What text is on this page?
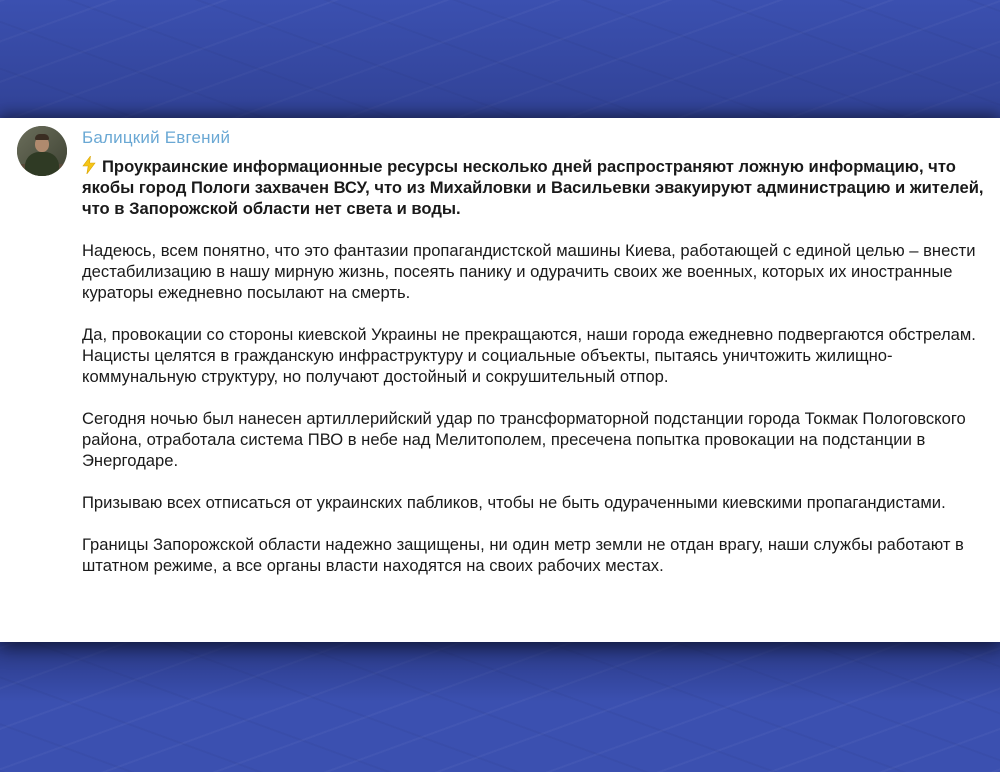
Балицкий Евгений

Проукраинские информационные ресурсы несколько дней распространяют ложную информацию, что якобы город Пологи захвачен ВСУ, что из Михайловки и Васильевки эвакуируют администрацию и жителей, что в Запорожской области нет света и воды.

Надеюсь, всем понятно, что это фантазии пропагандистской машины Киева, работающей с единой целью – внести дестабилизацию в нашу мирную жизнь, посеять панику и одурачить своих же военных, которых их иностранные кураторы ежедневно посылают на смерть.

Да, провокации со стороны киевской Украины не прекращаются, наши города ежедневно подвергаются обстрелам. Нацисты целятся в гражданскую инфраструктуру и социальные объекты, пытаясь уничтожить жилищно-коммунальную структуру, но получают достойный и сокрушительный отпор.

Сегодня ночью был нанесен артиллерийский удар по трансформаторной подстанции города Токмак Пологовского района, отработала система ПВО в небе над Мелитополем, пресечена попытка провокации на подстанции в Энергодаре.

Призываю всех отписаться от украинских пабликов, чтобы не быть одураченными киевскими пропагандистами.

Границы Запорожской области надежно защищены, ни один метр земли не отдан врагу, наши службы работают в штатном режиме, а все органы власти находятся на своих рабочих местах.
